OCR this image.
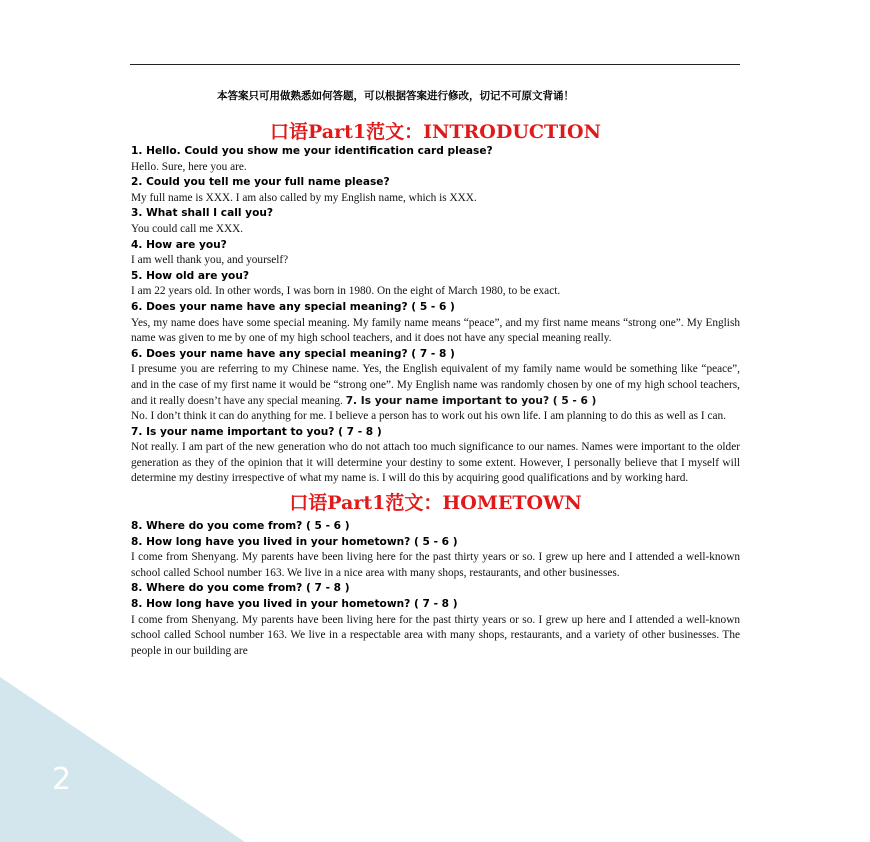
2
本答案只可用做熟悉如何答题，可以根据答案进行修改，切记不可原文背诵！
口语Part1范文：INTRODUCTION
1. Hello. Could you show me your identification card please?
Hello. Sure, here you are.
2. Could you tell me your full name please?
My full name is XXX. I am also called by my English name, which is XXX.
3. What shall I call you?
You could call me XXX.
4. How are you?
I am well thank you, and yourself?
5. How old are you?
I am 22 years old. In other words, I was born in 1980. On the eight of March 1980, to be exact.
6. Does your name have any special meaning? ( 5 - 6 )
Yes, my name does have some special meaning. My family name means “peace”, and my first name means “strong one”. My English name was given to me by one of my high school teachers, and it does not have any special meaning really.
6. Does your name have any special meaning? ( 7 - 8 )
I presume you are referring to my Chinese name. Yes, the English equivalent of my family name would be something like “peace”, and in the case of my first name it would be “strong one”. My English name was randomly chosen by one of my high school teachers, and it really doesn’t have any special meaning. 7. Is your name important to you? ( 5 - 6 )
No. I don’t think it can do anything for me. I believe a person has to work out his own life. I am planning to do this as well as I can.
7. Is your name important to you? ( 7 - 8 )
Not really. I am part of the new generation who do not attach too much significance to our names. Names were important to the older generation as they of the opinion that it will determine your destiny to some extent. However, I personally believe that I myself will determine my destiny irrespective of what my name is. I will do this by acquiring good qualifications and by working hard.
口语Part1范文：HOMETOWN
8. Where do you come from? ( 5 - 6 )
8. How long have you lived in your hometown? ( 5 - 6 )
I come from Shenyang. My parents have been living here for the past thirty years or so. I grew up here and I attended a well-known school called School number 163. We live in a nice area with many shops, restaurants, and other businesses.
8. Where do you come from? ( 7 - 8 )
8. How long have you lived in your hometown? ( 7 - 8 )
I come from Shenyang. My parents have been living here for the past thirty years or so. I grew up here and I attended a well-known school called School number 163. We live in a respectable area with many shops, restaurants, and a variety of other businesses. The people in our building are
